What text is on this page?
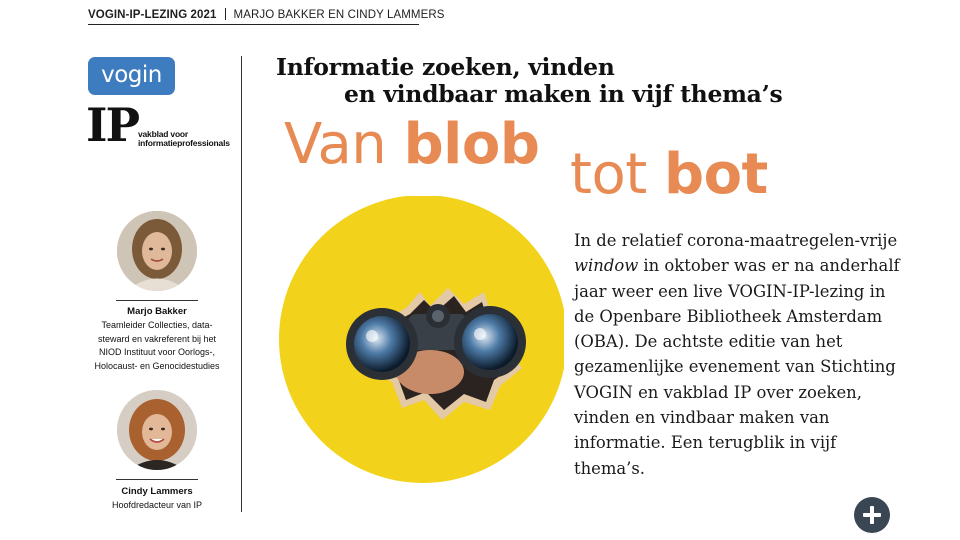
VOGIN-IP-LEZING 2021 MARJO BAKKER EN CINDY LAMMERS
vogin
IP vakblad voor
informatieprofessionals
Marjo Bakker
Teamleider Collecties, data-
steward en vakreferent bij het
NIOD Instituut voor Oorlogs-,
Holocaust- en Genocidestudies
Cindy Lammers
Hoofdredacteur van IP
Informatie zoeken, vinden
en vindbaar maken in vijf thema’s
Van blob tot bot
In de relatief corona-maatregelen-vrije window in oktober was er na anderhalf jaar weer een live VOGIN-IP-lezing in de Openbare Bibliotheek Amsterdam (OBA). De achtste editie van het gezamenlijke evenement van Stichting VOGIN en vakblad IP over zoeken, vinden en vindbaar maken van informatie. Een terugblik in vijf thema’s.
